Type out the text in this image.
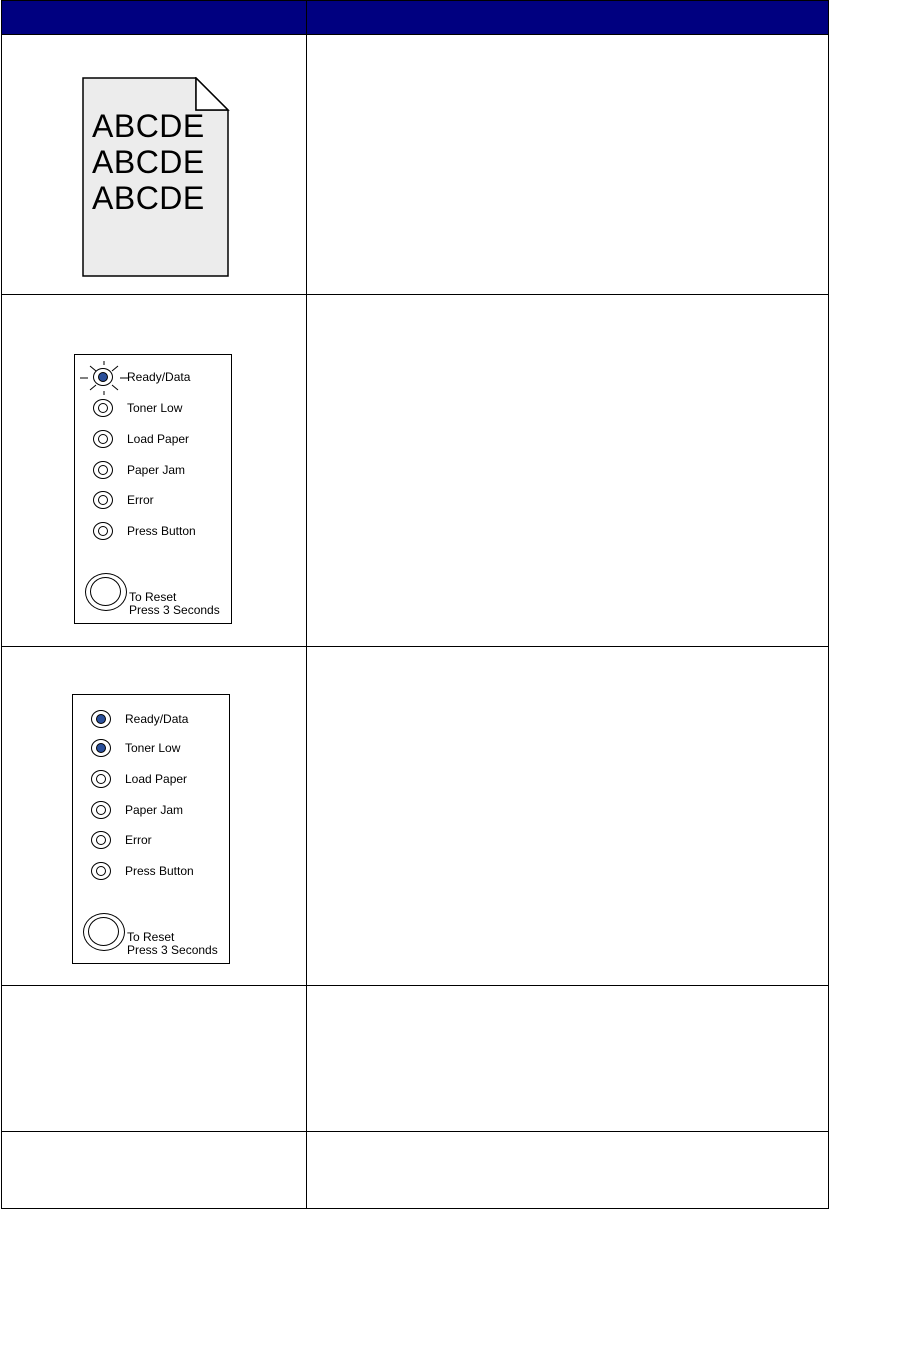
ABCDE
ABCDE
ABCDE
Ready/Data
Toner Low
Load Paper
Paper Jam
Error
Press Button
To Reset
Press 3 Seconds
Ready/Data
Toner Low
Load Paper
Paper Jam
Error
Press Button
To Reset
Press 3 Seconds
